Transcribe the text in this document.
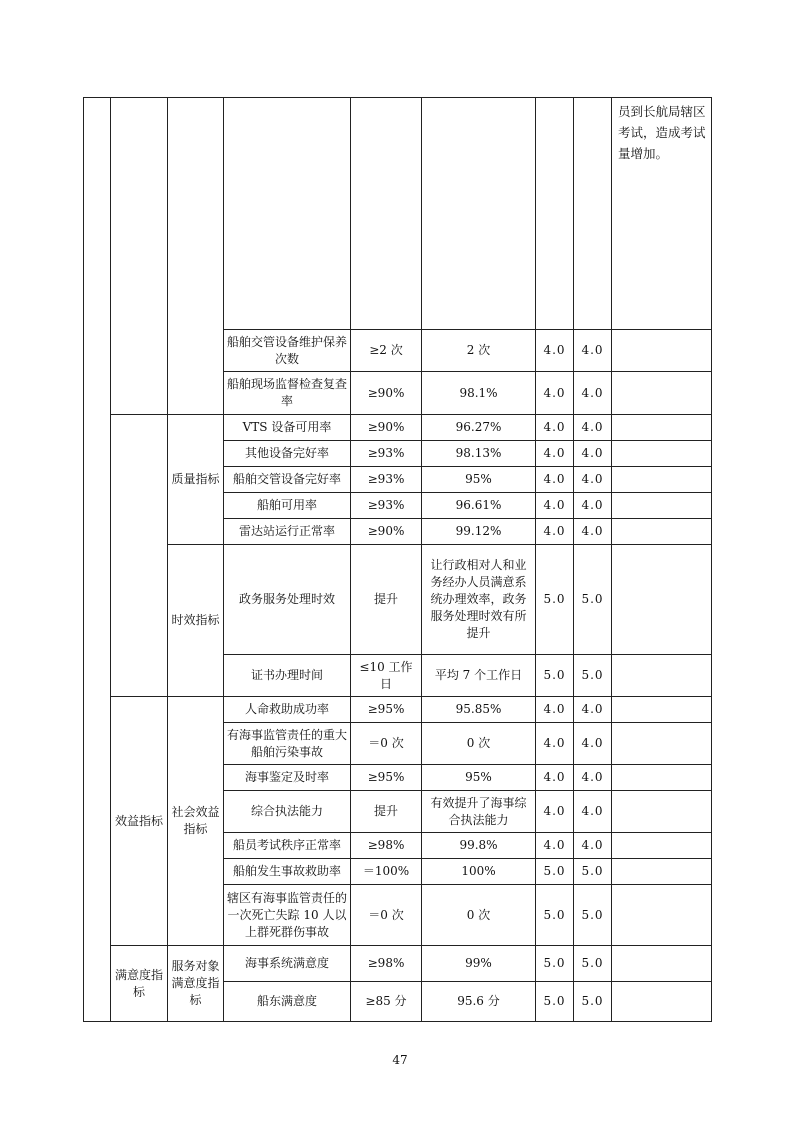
								员到长航局辖区考试，造成考试量增加。
			船舶交管设备维护保养次数	≥2 次	2 次	4.0	4.0	
			船舶现场监督检查复查率	≥90%	98.1%	4.0	4.0	
		质量指标	VTS 设备可用率	≥90%	96.27%	4.0	4.0	
			其他设备完好率	≥93%	98.13%	4.0	4.0	
			船舶交管设备完好率	≥93%	95%	4.0	4.0	
			船舶可用率	≥93%	96.61%	4.0	4.0	
			雷达站运行正常率	≥90%	99.12%	4.0	4.0	
		时效指标	政务服务处理时效	提升	让行政相对人和业务经办人员满意系统办理效率，政务服务处理时效有所提升	5.0	5.0	
			证书办理时间	≤10 工作日	平均 7 个工作日	5.0	5.0	
	效益指标	社会效益指标	人命救助成功率	≥95%	95.85%	4.0	4.0	
			有海事监管责任的重大船舶污染事故	＝0 次	0 次	4.0	4.0	
			海事鉴定及时率	≥95%	95%	4.0	4.0	
			综合执法能力	提升	有效提升了海事综合执法能力	4.0	4.0	
			船员考试秩序正常率	≥98%	99.8%	4.0	4.0	
			船舶发生事故救助率	＝100%	100%	5.0	5.0	
			辖区有海事监管责任的一次死亡失踪 10 人以上群死群伤事故	＝0 次	0 次	5.0	5.0	
	满意度指标	服务对象满意度指标	海事系统满意度	≥98%	99%	5.0	5.0	
			船东满意度	≥85 分	95.6 分	5.0	5.0	
47
